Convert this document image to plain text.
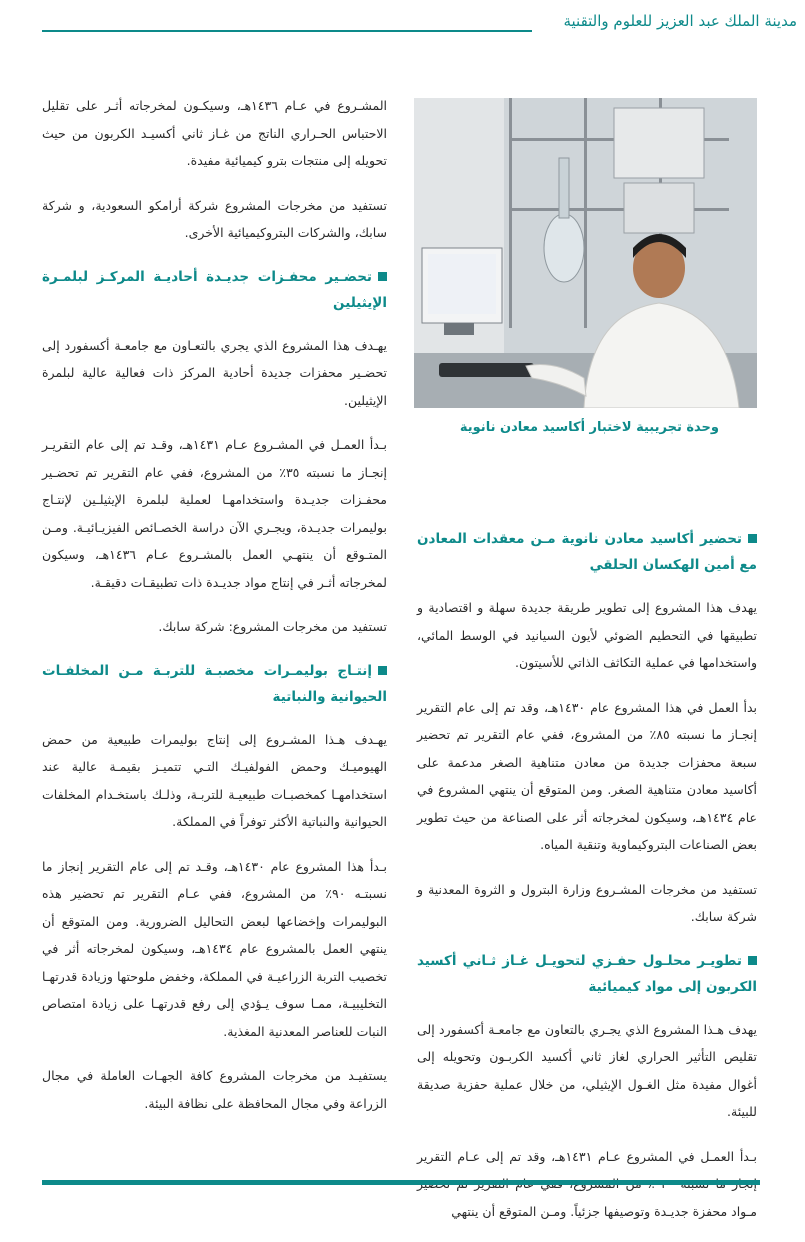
مدينة الملك عبد العزيز للعلوم والتقنية
وحدة تجريبية لاختبار أكاسيد معادن نانوية
تحضير أكاسيد معادن نانوية مـن معقدات المعادن مع أمين الهكسان الحلقي

يهدف هذا المشروع إلى تطوير طريقة جديدة سهلة و اقتصادية و تطبيقها في التحطيم الضوئي لأيون السيانيد في الوسط المائي، واستخدامها في عملية التكاثف الذاتي للأسيتون.

بدأ العمل في هذا المشروع عام ١٤٣٠هـ، وقد تم إلى عام التقرير إنجـاز ما نسبته ٨٥٪ من المشروع، ففي عام التقرير تم تحضير سبعة محفزات جديدة من معادن متناهية الصغر مدعمة على أكاسيد معادن متناهية الصغر. ومن المتوقع أن ينتهي المشروع في عام ١٤٣٤هـ، وسيكون لمخرجاته أثر على الصناعة من حيث تطوير بعض الصناعات البتروكيماوية وتنقية المياه.

تستفيد من مخرجات المشـروع وزارة البترول و الثروة المعدنية و شركة سابك.

تطويـر محلـول حفـزي لتحويـل غـاز ثـاني أكسيد الكربون إلى مواد كيميائية

يهدف هـذا المشروع الذي يجـري بالتعاون مع جامعـة أكسفورد إلى تقليص التأثير الحراري لغاز ثاني أكسيد الكربـون وتحويله إلى أغوال مفيدة مثل الغـول الإيثيلي، من خلال عملية حفزية صديقة للبيئة.

بـدأ العمـل في المشروع عـام ١٤٣١هـ، وقد تم إلى عـام التقرير مـواد محفزة جديـدة وتوصيفها جزئياً. ومـن المتوقع أن ينتهي

المشـروع في عـام ١٤٣٦هـ، وسيكـون لمخرجاته أثـر على تقليل الاحتباس الحـراري الناتج من غـاز ثاني أكسيـد الكربون من حيث تحويله إلى منتجات بترو كيميائية مفيدة.

تستفيد من مخرجات المشروع شركة أرامكو السعودية، و شركة سابك، والشركات البتروكيميائية الأخرى.

تحضـير محفـزات جديـدة أحاديـة المركـز لبلمـرة الإيثيلين

يهـدف هذا المشروع الذي يجري بالتعـاون مع جامعـة أكسفورد إلى تحضـير محفزات جديدة أحادية المركز ذات فعالية عالية لبلمرة الإيثيلين.

بـدأ العمـل في المشـروع عـام ١٤٣١هـ، وقـد تم إلى عام التقريـر إنجـاز ما نسبته ٣٥٪ من المشروع، ففي عام التقرير تم تحضـير محفـزات جديـدة واستخدامهـا لعملية لبلمرة الإيثيلـين لإنتـاج بوليمرات جديـدة، ويجـري الآن دراسة الخصـائص الفيزيـائيـة. ومـن المتـوقع أن ينتهـي العمل بالمشـروع عـام ١٤٣٦هـ، وسيكون لمخرجاته أثـر في إنتاج مواد جديـدة ذات تطبيقـات دقيقـة.

تستفيد من مخرجات المشروع: شركة سابك.

إنتـاج بوليمـرات مخصبـة للتربـة مـن المخلفـات الحيوانية والنباتية

يهـدف هـذا المشـروع إلى إنتاج بوليمرات طبيعية من حمض الهيوميـك وحمض الفولفيـك التـي تتميـز بقيمـة عالية عند استخدامهـا كمخصبـات طبيعيـة للتربـة، وذلـك باستخـدام المخلفات الحيوانية والنباتية الأكثر توفراً في المملكة.

بـدأ هذا المشروع عام ١٤٣٠هـ، وقـد تم إلى عام التقرير إنجاز ما نسبتـه ٩٠٪ من المشروع، ففي عـام التقرير تم تحضير هذه البوليمرات وإخضاعها لبعض التحاليل الضرورية. ومن المتوقع أن ينتهي العمل بالمشروع عام ١٤٣٤هـ، وسيكون لمخرجاته أثر في تخصيب التربة الزراعيـة في المملكة، وخفض ملوحتها وزيادة قدرتهـا التخليبيـة، ممـا سوف يـؤدي إلى رفع قدرتهـا على زيادة امتصاص النبات للعناصر المعدنية المغذية.

يستفيـد من مخرجات المشروع كافة الجهـات العاملة في مجال الزراعة وفي مجال المحافظة على نظافة البيئة.
